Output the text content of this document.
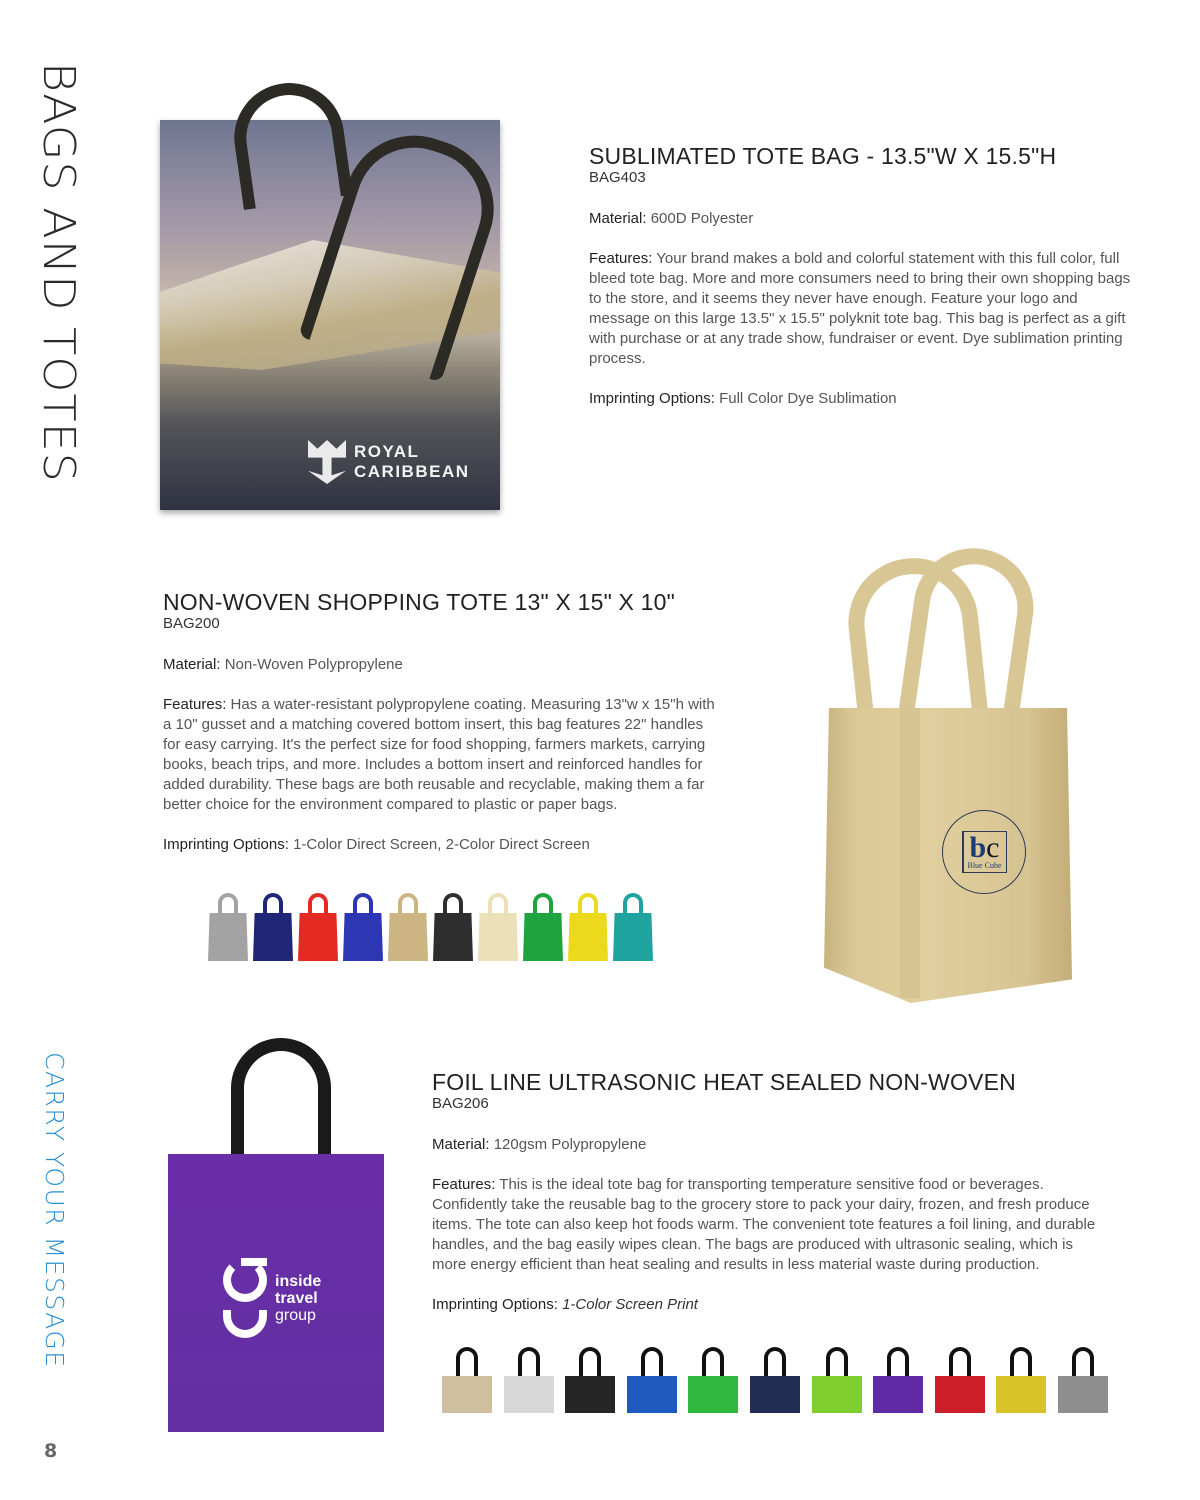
BAGS AND TOTES
CARRY YOUR MESSAGE
8
ROYAL
CARIBBEAN
SUBLIMATED TOTE BAG - 13.5"W X 15.5"H
BAG403

Material: 600D Polyester

Features: Your brand makes a bold and colorful statement with this full color, full bleed tote bag. More and more consumers need to bring their own shopping bags to the store, and it seems they never have enough. Feature your logo and message on this large 13.5" x 15.5" polyknit tote bag. This bag is perfect as a gift with purchase or at any trade show, fundraiser or event. Dye sublimation printing process.

Imprinting Options: Full Color Dye Sublimation

NON-WOVEN SHOPPING TOTE 13" X 15" X 10"
BAG200

Material: Non-Woven Polypropylene

Features: Has a water-resistant polypropylene coating. Measuring 13"w x 15"h with a 10" gusset and a matching covered bottom insert, this bag features 22" handles for easy carrying. It's the perfect size for food shopping, farmers markets, carrying books, beach trips, and more. Includes a bottom insert and reinforced handles for added durability. These bags are both reusable and recyclable, making them a far better choice for the environment compared to plastic or paper bags.

Imprinting Options: 1-Color Direct Screen, 2-Color Direct Screen	bc
Blue Cube
inside
travel
group
FOIL LINE ULTRASONIC HEAT SEALED NON-WOVEN
BAG206

Material: 120gsm Polypropylene

Features: This is the ideal tote bag for transporting temperature sensitive food or beverages. Confidently take the reusable bag to the grocery store to pack your dairy, frozen, and fresh produce items. The tote can also keep hot foods warm. The convenient tote features a foil lining, and durable handles, and the bag easily wipes clean. The bags are produced with ultrasonic sealing, which is more energy efficient than heat sealing and results in less material waste during production.

Imprinting Options: 1-Color Screen Print
